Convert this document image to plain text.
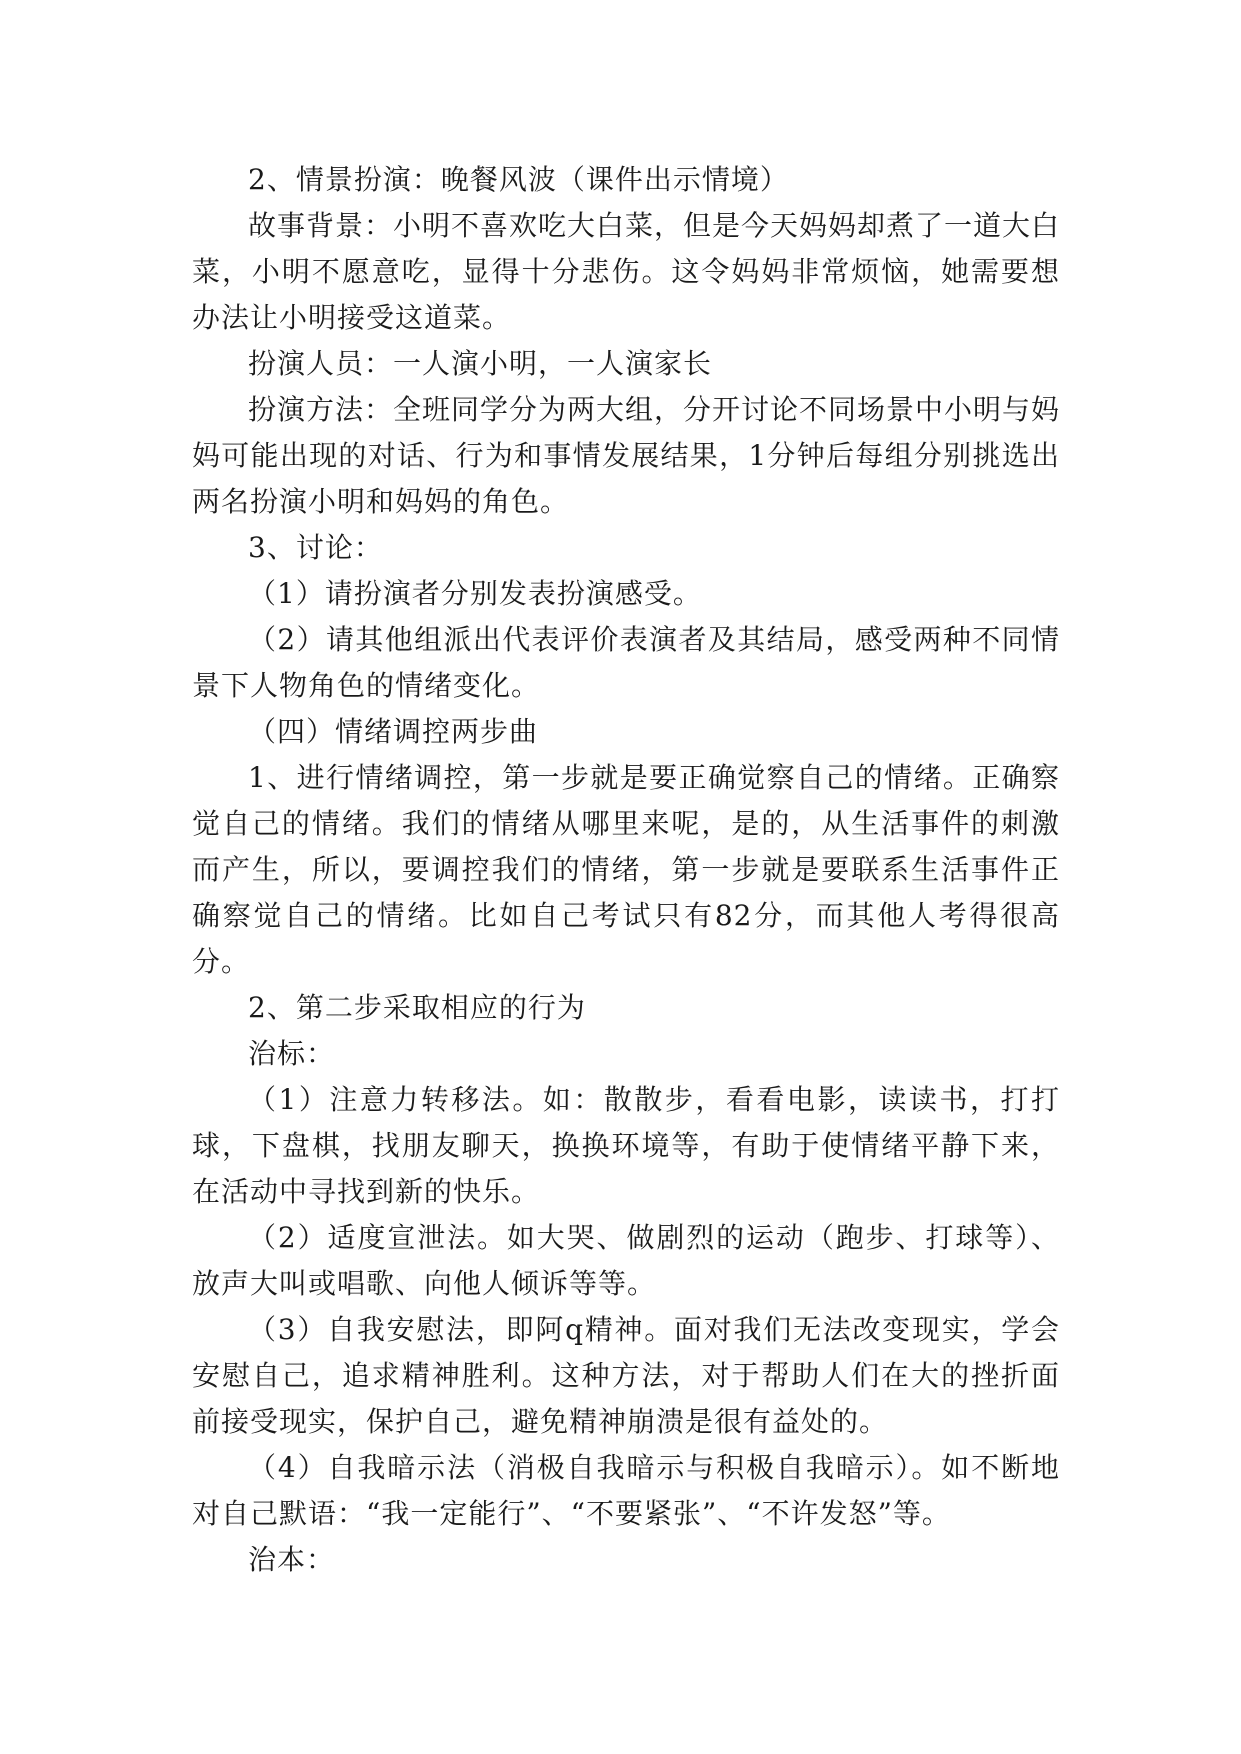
2、情景扮演：晚餐风波（课件出示情境）

故事背景：小明不喜欢吃大白菜，但是今天妈妈却煮了一道大白菜，小明不愿意吃，显得十分悲伤。这令妈妈非常烦恼，她需要想办法让小明接受这道菜。

扮演人员：一人演小明，一人演家长

扮演方法：全班同学分为两大组，分开讨论不同场景中小明与妈妈可能出现的对话、行为和事情发展结果，1分钟后每组分别挑选出两名扮演小明和妈妈的角色。

3、讨论：

（1）请扮演者分别发表扮演感受。

（2）请其他组派出代表评价表演者及其结局，感受两种不同情景下人物角色的情绪变化。

（四）情绪调控两步曲

1、进行情绪调控，第一步就是要正确觉察自己的情绪。正确察觉自己的情绪。我们的情绪从哪里来呢，是的，从生活事件的刺激而产生，所以，要调控我们的情绪，第一步就是要联系生活事件正确察觉自己的情绪。比如自己考试只有82分，而其他人考得很高分。

2、第二步采取相应的行为

治标：

（1）注意力转移法。如：散散步，看看电影，读读书，打打球，下盘棋，找朋友聊天，换换环境等，有助于使情绪平静下来，在活动中寻找到新的快乐。

（2）适度宣泄法。如大哭、做剧烈的运动（跑步、打球等）、放声大叫或唱歌、向他人倾诉等等。

（3）自我安慰法，即阿q精神。面对我们无法改变现实，学会安慰自己，追求精神胜利。这种方法，对于帮助人们在大的挫折面前接受现实，保护自己，避免精神崩溃是很有益处的。

（4）自我暗示法（消极自我暗示与积极自我暗示）。如不断地对自己默语：“我一定能行”、“不要紧张”、“不许发怒”等。

治本：
